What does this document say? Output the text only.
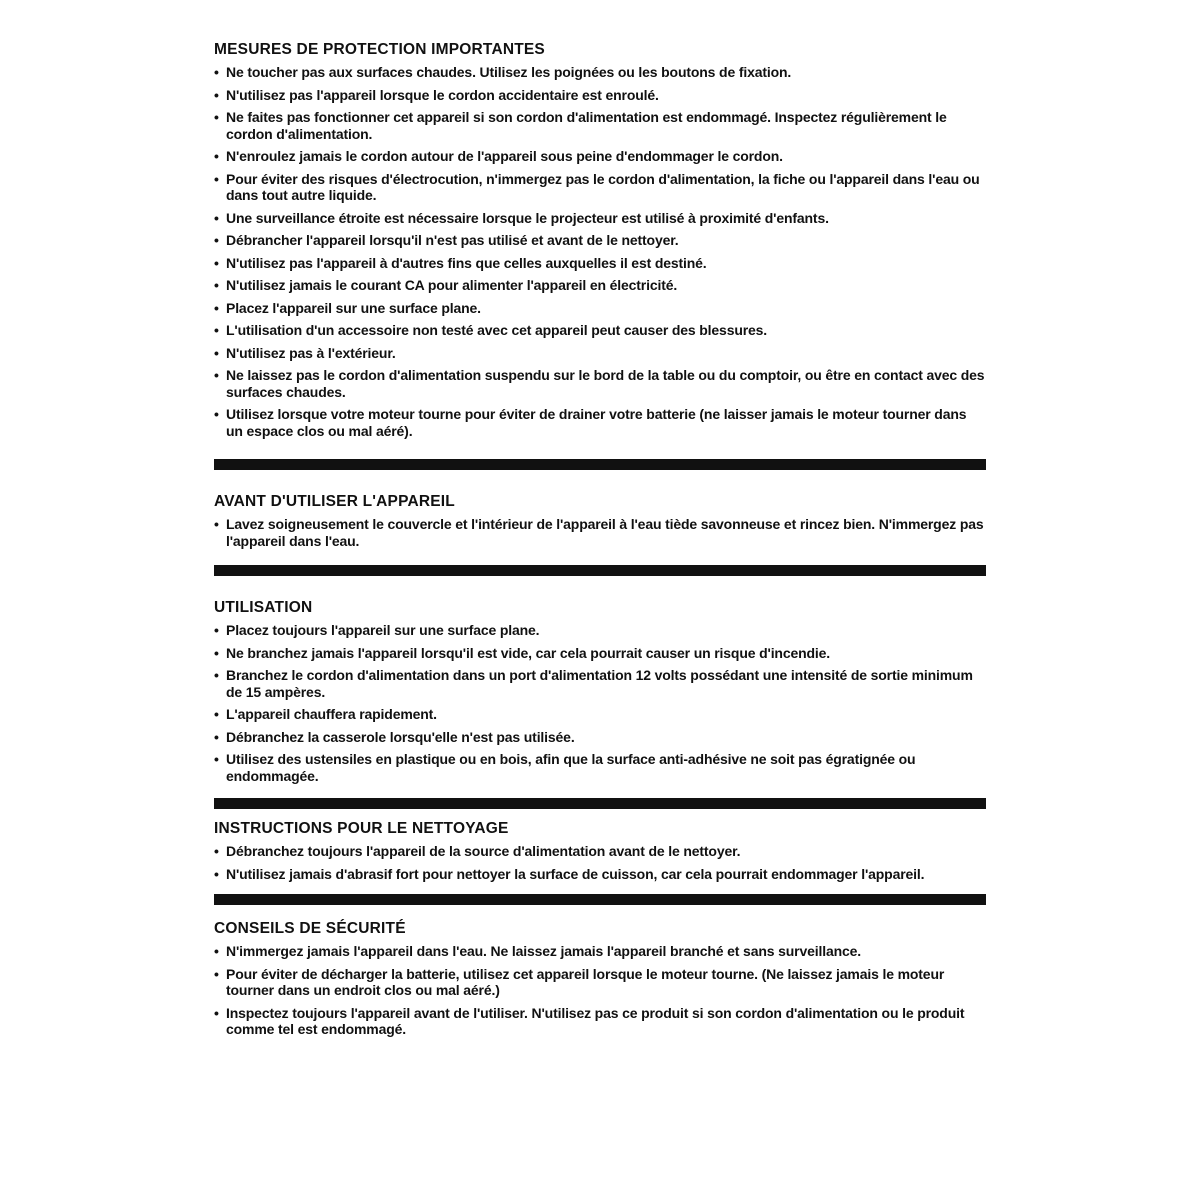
MESURES DE PROTECTION IMPORTANTES
• Ne toucher pas aux surfaces chaudes. Utilisez les poignées ou les boutons de fixation.
• N'utilisez pas l'appareil lorsque le cordon accidentaire est enroulé.
• Ne faites pas fonctionner cet appareil si son cordon d'alimentation est endommagé. Inspectez régulièrement le cordon d'alimentation.
• N'enroulez jamais le cordon autour de l'appareil sous peine d'endommager le cordon.
• Pour éviter des risques d'électrocution, n'immergez pas le cordon d'alimentation, la fiche ou l'appareil dans l'eau ou dans tout autre liquide.
• Une surveillance étroite est nécessaire lorsque le projecteur est utilisé à proximité d'enfants.
• Débrancher l'appareil lorsqu'il n'est pas utilisé et avant de le nettoyer.
• N'utilisez pas l'appareil à d'autres fins que celles auxquelles il est destiné.
• N'utilisez jamais le courant CA pour alimenter l'appareil en électricité.
• Placez l'appareil sur une surface plane.
• L'utilisation d'un accessoire non testé avec cet appareil peut causer des blessures.
• N'utilisez pas à l'extérieur.
• Ne laissez pas le cordon d'alimentation suspendu sur le bord de la table ou du comptoir, ou être en contact avec des surfaces chaudes.
• Utilisez lorsque votre moteur tourne pour éviter de drainer votre batterie (ne laisser jamais le moteur tourner dans un espace clos ou mal aéré).
AVANT D'UTILISER L'APPAREIL
• Lavez soigneusement le couvercle et l'intérieur de l'appareil à l'eau tiède savonneuse et rincez bien. N'immergez pas l'appareil dans l'eau.
UTILISATION
• Placez toujours l'appareil sur une surface plane.
• Ne branchez jamais l'appareil lorsqu'il est vide, car cela pourrait causer un risque d'incendie.
• Branchez le cordon d'alimentation dans un port d'alimentation 12 volts possédant une intensité de sortie minimum de 15 ampères.
• L'appareil chauffera rapidement.
• Débranchez la casserole lorsqu'elle n'est pas utilisée.
• Utilisez des ustensiles en plastique ou en bois, afin que la surface anti-adhésive ne soit pas égratignée ou endommagée.
INSTRUCTIONS POUR LE NETTOYAGE
• Débranchez toujours l'appareil de la source d'alimentation avant de le nettoyer.
• N'utilisez jamais d'abrasif fort pour nettoyer la surface de cuisson, car cela pourrait endommager l'appareil.
CONSEILS DE SÉCURITÉ
• N'immergez jamais l'appareil dans l'eau. Ne laissez jamais l'appareil branché et sans surveillance.
• Pour éviter de décharger la batterie, utilisez cet appareil lorsque le moteur tourne. (Ne laissez jamais le moteur tourner dans un endroit clos ou mal aéré.)
• Inspectez toujours l'appareil avant de l'utiliser. N'utilisez pas ce produit si son cordon d'alimentation ou le produit comme tel est endommagé.
